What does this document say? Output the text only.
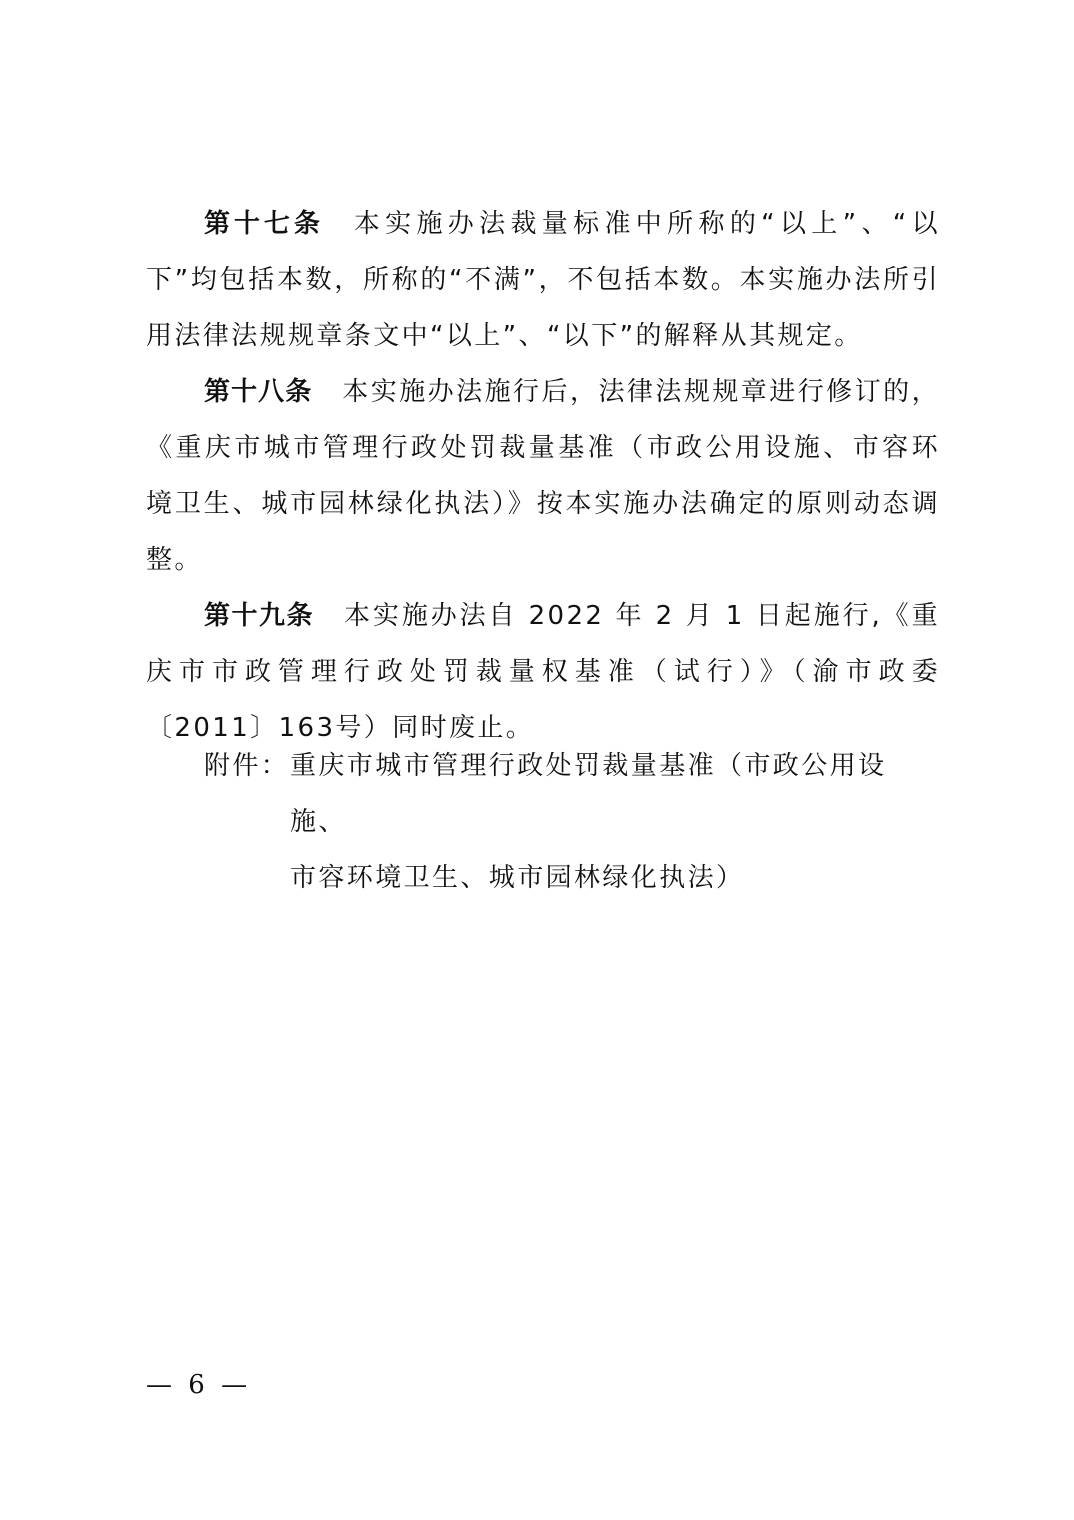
第十七条 本实施办法裁量标准中所称的“以上”、“以下”均包括本数，所称的“不满”，不包括本数。本实施办法所引用法律法规规章条文中“以上”、“以下”的解释从其规定。

第十八条 本实施办法施行后，法律法规规章进行修订的，《重庆市城市管理行政处罚裁量基准（市政公用设施、市容环境卫生、城市园林绿化执法）》按本实施办法确定的原则动态调整。

第十九条 本实施办法自 2022 年 2 月 1 日起施行,《重庆市市政管理行政处罚裁量权基准（试行）》（渝市政委〔2011〕163号）同时废止。

附件：重庆市城市管理行政处罚裁量基准（市政公用设施、
市容环境卫生、城市园林绿化执法）
— 6 —
